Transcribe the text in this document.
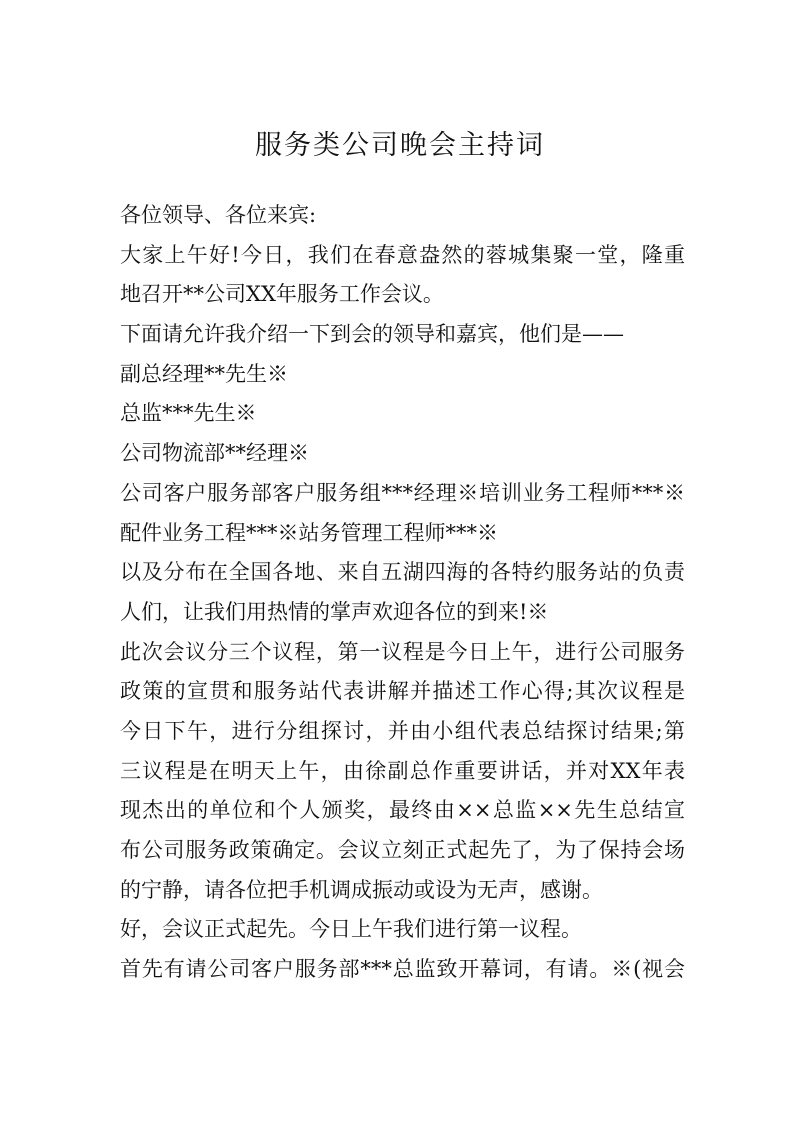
服务类公司晚会主持词
各位领导、各位来宾:
大家上午好!今日，我们在春意盎然的蓉城集聚一堂，隆重
地召开**公司XX年服务工作会议。
下面请允许我介绍一下到会的领导和嘉宾，他们是——
副总经理**先生※
总监***先生※
公司物流部**经理※
公司客户服务部客户服务组***经理※培训业务工程师***※
配件业务工程***※站务管理工程师***※
以及分布在全国各地、来自五湖四海的各特约服务站的负责
人们，让我们用热情的掌声欢迎各位的到来!※
此次会议分三个议程，第一议程是今日上午，进行公司服务
政策的宣贯和服务站代表讲解并描述工作心得;其次议程是
今日下午，进行分组探讨，并由小组代表总结探讨结果;第
三议程是在明天上午，由徐副总作重要讲话，并对XX年表
现杰出的单位和个人颁奖，最终由××总监××先生总结宣
布公司服务政策确定。会议立刻正式起先了，为了保持会场
的宁静，请各位把手机调成振动或设为无声，感谢。
好，会议正式起先。今日上午我们进行第一议程。
首先有请公司客户服务部***总监致开幕词，有请。※(视会
